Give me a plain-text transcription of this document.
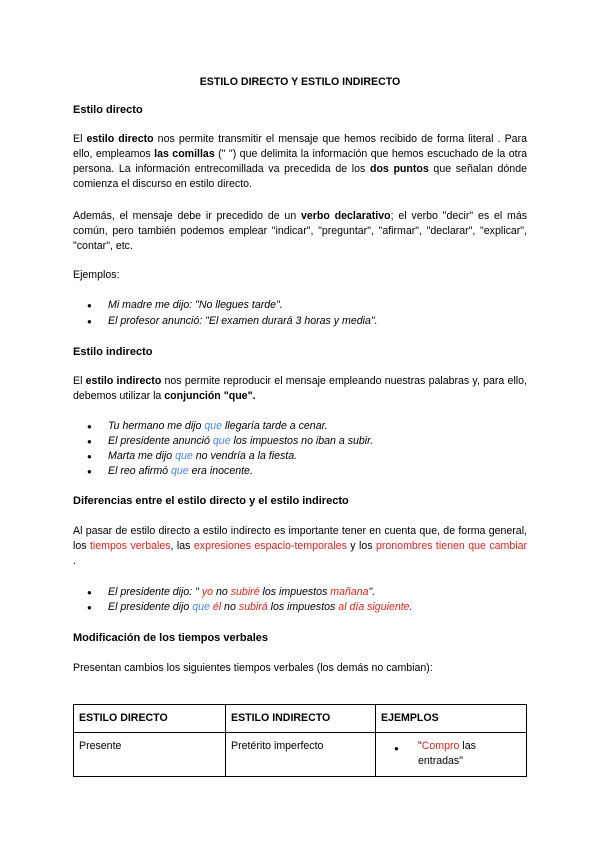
ESTILO DIRECTO Y ESTILO INDIRECTO
Estilo directo
El estilo directo nos permite transmitir el mensaje que hemos recibido de forma literal . Para ello, empleamos las comillas (" ") que delimita la información que hemos escuchado de la otra persona. La información entrecomillada va precedida de los dos puntos que señalan dónde comienza el discurso en estilo directo.
Además, el mensaje debe ir precedido de un verbo declarativo; el verbo "decir" es el más común, pero también podemos emplear "indicar", "preguntar", "afirmar", "declarar", "explicar", "contar", etc.
Ejemplos:
● Mi madre me dijo: "No llegues tarde".
● El profesor anunció: "El examen durará 3 horas y media".
Estilo indirecto
El estilo indirecto nos permite reproducir el mensaje empleando nuestras palabras y, para ello, debemos utilizar la conjunción "que".
● Tu hermano me dijo que llegaría tarde a cenar.
● El presidente anunció que los impuestos no iban a subir.
● Marta me dijo que no vendría a la fiesta.
● El reo afirmó que era inocente.
Diferencias entre el estilo directo y el estilo indirecto
Al pasar de estilo directo a estilo indirecto es importante tener en cuenta que, de forma general, los tiempos verbales, las expresiones espacio-temporales y los pronombres tienen que cambiar .
● El presidente dijo: " yo no subiré los impuestos mañana".
● El presidente dijo que él no subirá los impuestos al día siguiente.
Modificación de los tiempos verbales
Presentan cambios los siguientes tiempos verbales (los demás no cambian):
ESTILO DIRECTO	ESTILO INDIRECTO	EJEMPLOS
Presente	Pretérito imperfecto	● "Compro las
entradas"
